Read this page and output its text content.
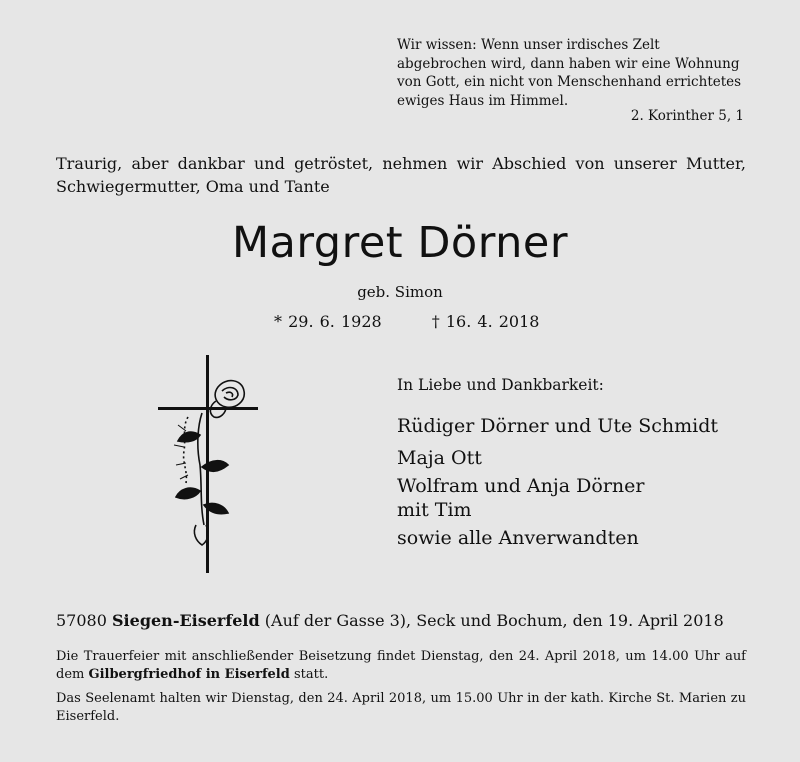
Wir wissen: Wenn unser irdisches Zelt
abgebrochen wird, dann haben wir eine Wohnung
von Gott, ein nicht von Menschenhand errichtetes
ewiges Haus im Himmel.
2. Korinther 5, 1
Traurig, aber dankbar und getröstet, nehmen wir Abschied von unserer Mutter, Schwiegermutter, Oma und Tante
Margret Dörner
geb. Simon
* 29. 6. 1928	† 16. 4. 2018
In Liebe und Dankbarkeit:
Rüdiger Dörner und Ute Schmidt
Maja Ott
Wolfram und Anja Dörner
mit Tim
sowie alle Anverwandten
57080 Siegen-Eiserfeld (Auf der Gasse 3), Seck und Bochum, den 19. April 2018
Die Trauerfeier mit anschließender Beisetzung findet Dienstag, den 24. April 2018, um 14.00 Uhr auf dem Gilbergfriedhof in Eiserfeld statt.
Das Seelenamt halten wir Dienstag, den 24. April 2018, um 15.00 Uhr in der kath. Kirche St. Marien zu Eiserfeld.
